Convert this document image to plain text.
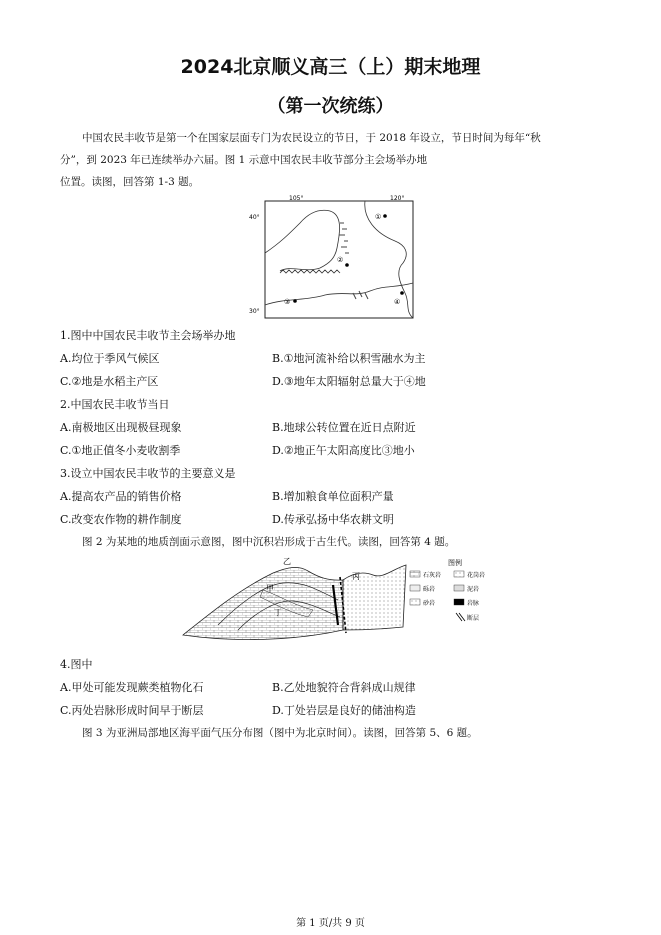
2024北京顺义高三（上）期末地理
（第一次统练）
中国农民丰收节是第一个在国家层面专门为农民设立的节日，于 2018 年设立，节日时间为每年“秋
分”，到 2023 年已连续举办六届。图 1 示意中国农民丰收节部分主会场举办地
位置。读图，回答第 1-3 题。
105°	120°
40°
30°
①
②
③	④
1.图中中国农民丰收节主会场举办地
A.均位于季风气候区	B.①地河流补给以积雪融水为主
C.②地是水稻主产区	D.③地年太阳辐射总量大于④地
2.中国农民丰收节当日
A.南极地区出现极昼现象	B.地球公转位置在近日点附近
C.①地正值冬小麦收割季	D.②地正午太阳高度比③地小
3.设立中国农民丰收节的主要意义是
A.提高农产品的销售价格	B.增加粮食单位面积产量
C.改变农作物的耕作制度	D.传承弘扬中华农耕文明
图 2 为某地的地质剖面示意图，图中沉积岩形成于古生代。读图，回答第 4 题。
乙
甲
丙
丁
图例
石灰岩	花岗岩
砾岩	泥岩
砂岩	岩脉
断层
4.图中
A.甲处可能发现蕨类植物化石	B.乙处地貌符合背斜成山规律
C.丙处岩脉形成时间早于断层	D.丁处岩层是良好的储油构造
图 3 为亚洲局部地区海平面气压分布图（图中为北京时间）。读图，回答第 5、6 题。
第 1 页/共 9 页
